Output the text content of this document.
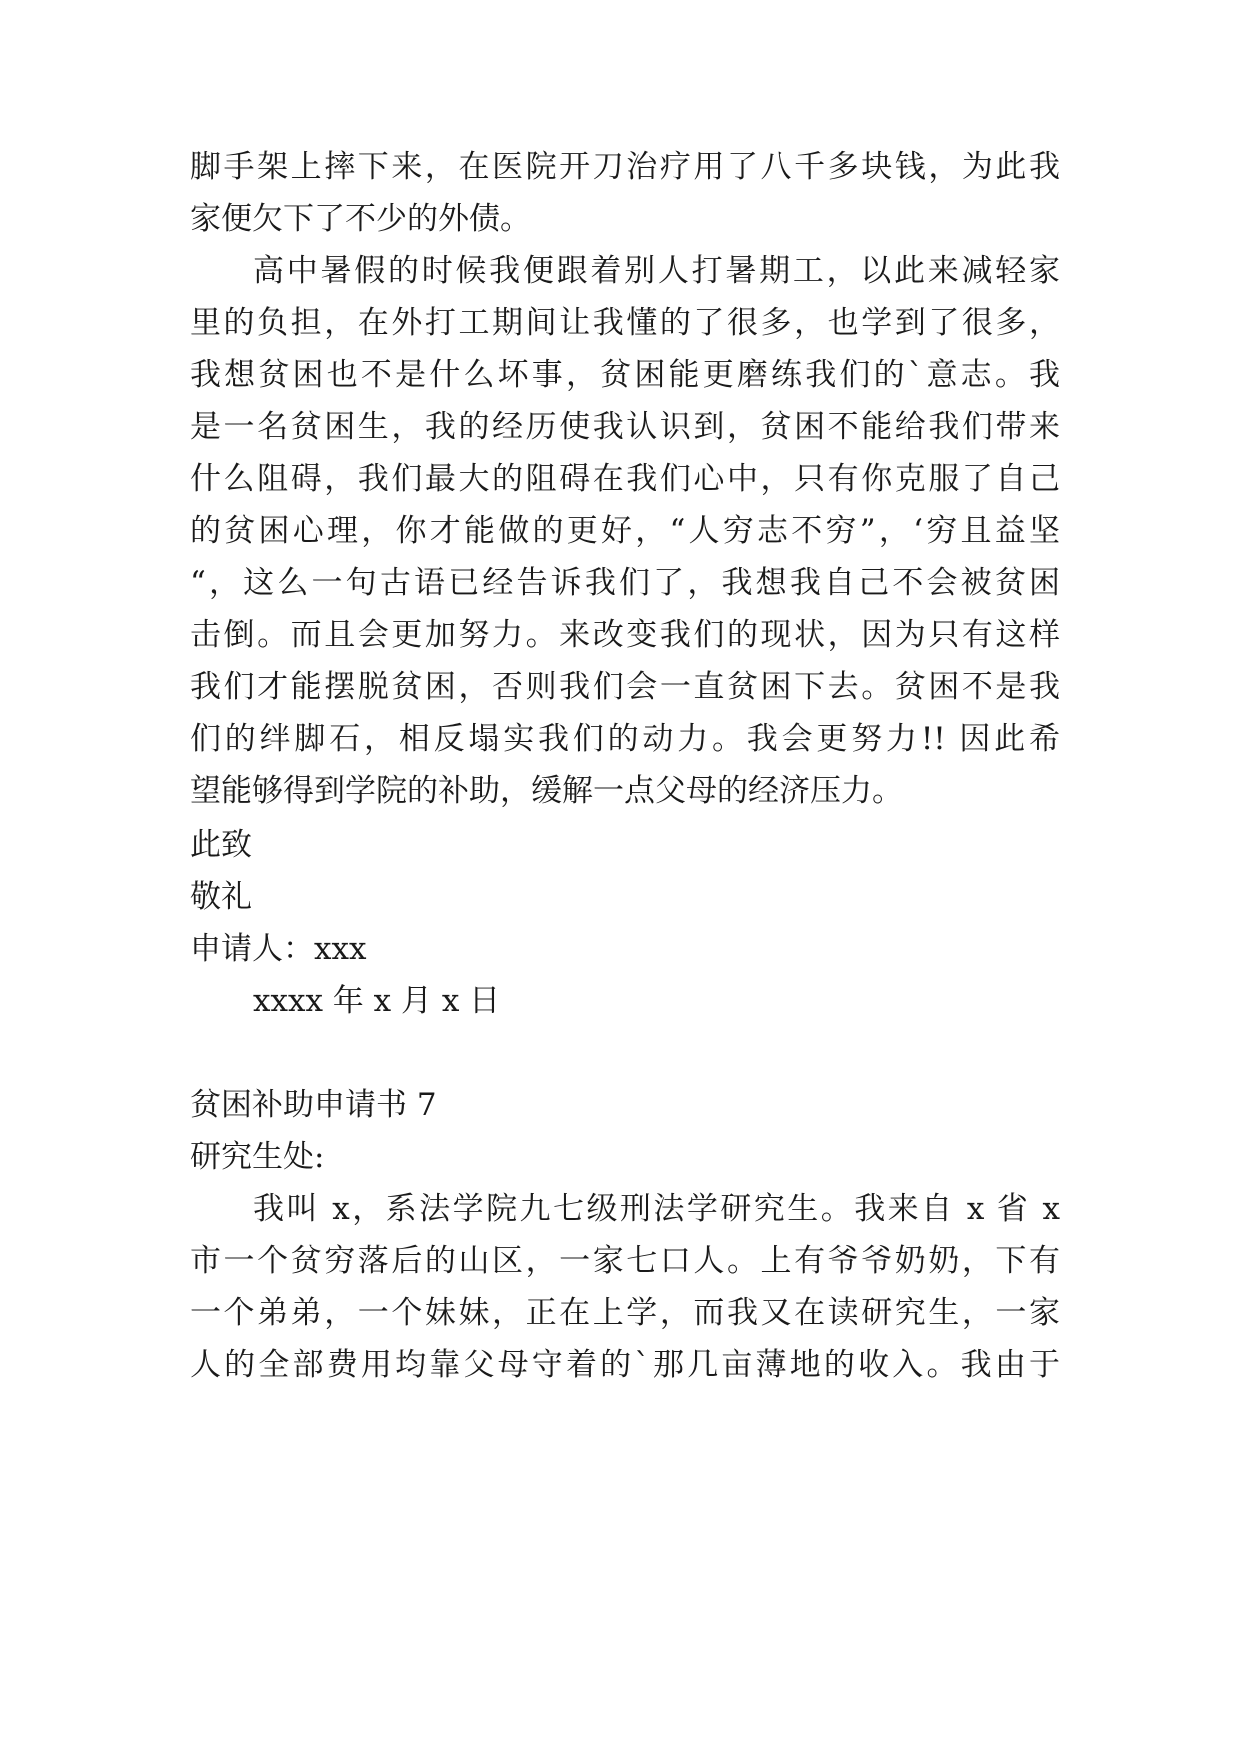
脚手架上摔下来，在医院开刀治疗用了八千多块钱，为此我
家便欠下了不少的外债。
高中暑假的时候我便跟着别人打暑期工，以此来减轻家
里的负担，在外打工期间让我懂的了很多，也学到了很多，
我想贫困也不是什么坏事，贫困能更磨练我们的`意志。我
是一名贫困生，我的经历使我认识到，贫困不能给我们带来
什么阻碍，我们最大的阻碍在我们心中，只有你克服了自己
的贫困心理，你才能做的更好，“人穷志不穷”，‘穷且益坚
“，这么一句古语已经告诉我们了，我想我自己不会被贫困
击倒。而且会更加努力。来改变我们的现状，因为只有这样
我们才能摆脱贫困，否则我们会一直贫困下去。贫困不是我
们的绊脚石，相反塌实我们的动力。我会更努力!! 因此希
望能够得到学院的补助，缓解一点父母的经济压力。
此致
敬礼
申请人：xxx
xxxx 年 x 月 x 日
贫困补助申请书 7
研究生处:
我叫 x，系法学院九七级刑法学研究生。我来自 x 省 x
市一个贫穷落后的山区，一家七口人。上有爷爷奶奶，下有
一个弟弟，一个妹妹，正在上学，而我又在读研究生，一家
人的全部费用均靠父母守着的`那几亩薄地的收入。我由于
